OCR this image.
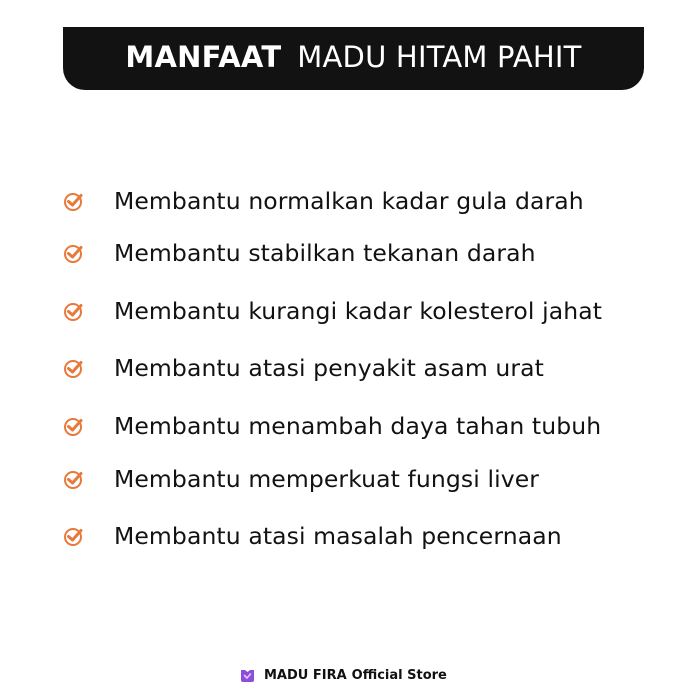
MANFAAT MADU HITAM PAHIT
Membantu normalkan kadar gula darah
Membantu stabilkan tekanan darah
Membantu kurangi kadar kolesterol jahat
Membantu atasi penyakit asam urat
Membantu menambah daya tahan tubuh
Membantu memperkuat fungsi liver
Membantu atasi masalah pencernaan
MADU FIRA Official Store
